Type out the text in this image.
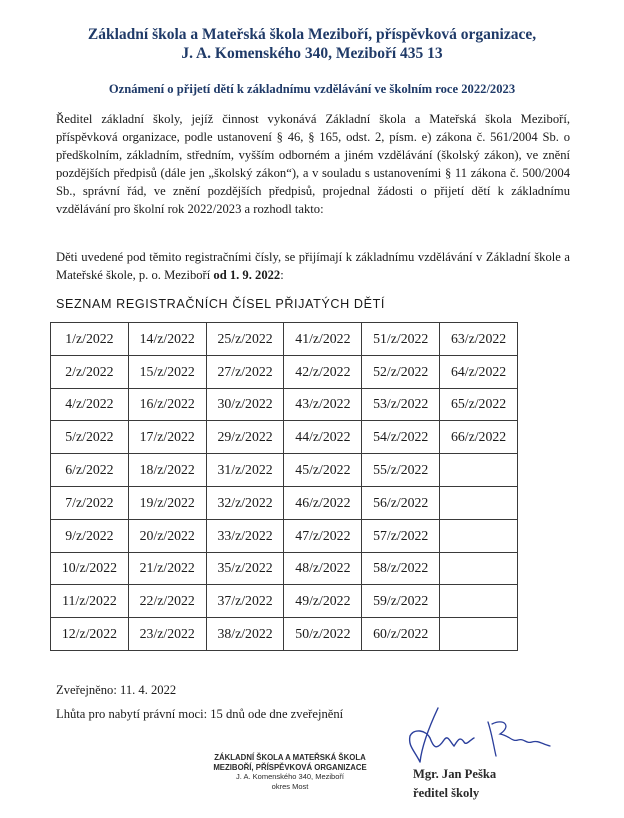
Základní škola a Mateřská škola Meziboří, příspěvková organizace,
J. A. Komenského 340, Meziboří 435 13
Oznámení o přijetí dětí k základnímu vzdělávání ve školním roce 2022/2023

Ředitel základní školy, jejíž činnost vykonává Základní škola a Mateřská škola Meziboří, příspěvková organizace, podle ustanovení § 46, § 165, odst. 2, písm. e) zákona č. 561/2004 Sb. o předškolním, základním, středním, vyšším odborném a jiném vzdělávání (školský zákon), ve znění pozdějších předpisů (dále jen „školský zákon“), a v souladu s ustanoveními § 11 zákona č. 500/2004 Sb., správní řád, ve znění pozdějších předpisů, projednal žádosti o přijetí dětí k základnímu vzdělávání pro školní rok 2022/2023 a rozhodl takto:

Děti uvedené pod těmito registračními čísly, se přijímají k základnímu vzdělávání v Základní škole a Mateřské škole, p. o. Meziboří od 1. 9. 2022:

SEZNAM REGISTRAČNÍCH ČÍSEL PŘIJATÝCH DĚTÍ
1/z/2022	14/z/2022	25/z/2022	41/z/2022	51/z/2022	63/z/2022
2/z/2022	15/z/2022	27/z/2022	42/z/2022	52/z/2022	64/z/2022
4/z/2022	16/z/2022	30/z/2022	43/z/2022	53/z/2022	65/z/2022
5/z/2022	17/z/2022	29/z/2022	44/z/2022	54/z/2022	66/z/2022
6/z/2022	18/z/2022	31/z/2022	45/z/2022	55/z/2022	
7/z/2022	19/z/2022	32/z/2022	46/z/2022	56/z/2022	
9/z/2022	20/z/2022	33/z/2022	47/z/2022	57/z/2022	
10/z/2022	21/z/2022	35/z/2022	48/z/2022	58/z/2022	
11/z/2022	22/z/2022	37/z/2022	49/z/2022	59/z/2022	
12/z/2022	23/z/2022	38/z/2022	50/z/2022	60/z/2022	
Zveřejněno: 11. 4. 2022
Lhůta pro nabytí právní moci: 15 dnů ode dne zveřejnění
ZÁKLADNÍ ŠKOLA A MATEŘSKÁ ŠKOLA
MEZIBOŘÍ, PŘÍSPĚVKOVÁ ORGANIZACE
J. A. Komenského 340, Meziboří
okres Most
Mgr. Jan Peška
ředitel školy
